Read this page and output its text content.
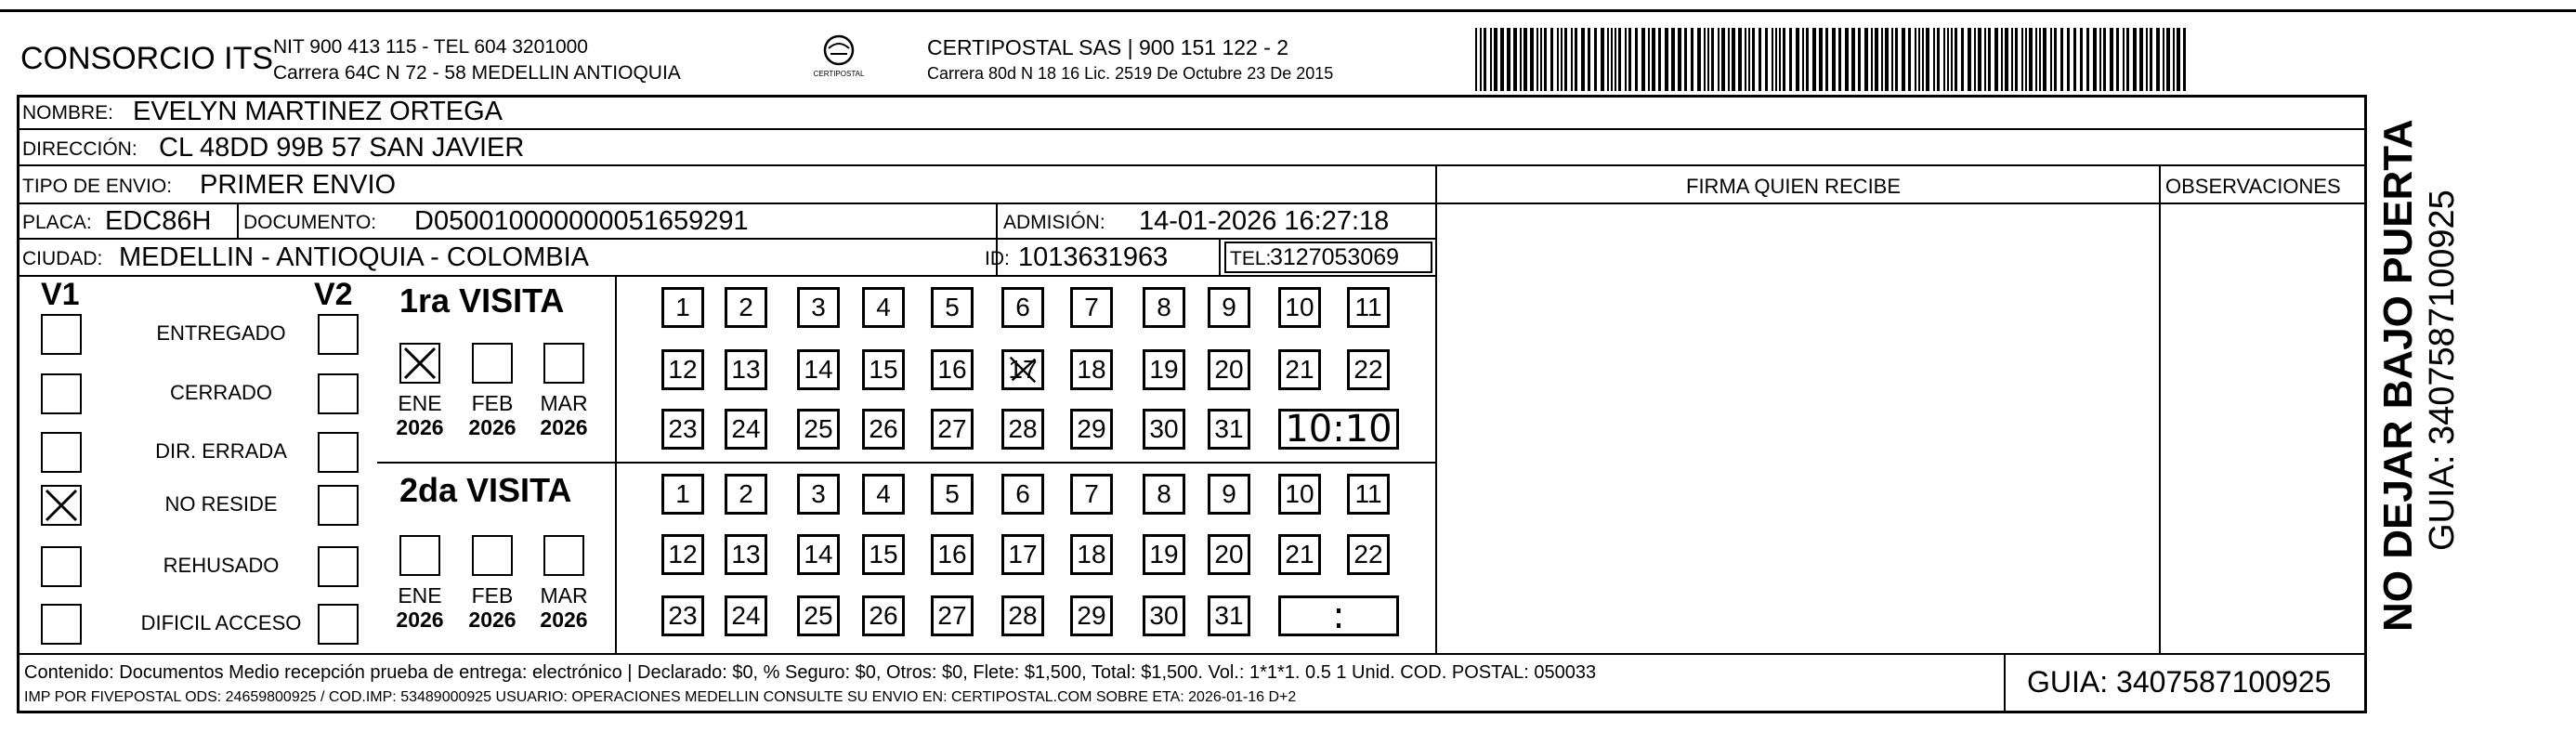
CONSORCIO ITS NIT 900 413 115 - TEL 604 3201000
Carrera 64C N 72 - 58 MEDELLIN ANTIOQUIA	CERTIPOSTAL
CERTIPOSTAL SAS | 900 151 122 - 2
Carrera 80d N 18 16 Lic. 2519 De Octubre 23 De 2015
NO DEJAR BAJO PUERTA GUIA: 3407587100925
NOMBRE: EVELYN MARTINEZ ORTEGA
DIRECCIÓN: CL 48DD 99B 57 SAN JAVIER
TIPO DE ENVIO: PRIMER ENVIO	FIRMA QUIEN RECIBE	OBSERVACIONES
PLACA: EDC86H DOCUMENTO: D050010000000051659291	ADMISIÓN: 14-01-2026 16:27:18
CIUDAD: MEDELLIN - ANTIOQUIA - COLOMBIA	ID: 1013631963	TEL:
3127053069
V1	V2 1ra VISITA
2da VISITA
Contenido: Documentos Medio recepción prueba de entrega: electrónico | Declarado: $0, % Seguro: $0, Otros: $0, Flete: $1,500, Total: $1,500. Vol.: 1*1*1. 0.5 1 Unid. COD. POSTAL: 050033
IMP POR FIVEPOSTAL ODS: 24659800925 / COD.IMP: 53489000925 USUARIO: OPERACIONES MEDELLIN CONSULTE SU ENVIO EN: CERTIPOSTAL.COM SOBRE ETA: 2026-01-16 D+2	GUIA: 3407587100925
ENTREGADO
CERRADO
DIR. ERRADA
NO RESIDE
REHUSADO
DIFICIL ACCESO
ENE
2026
FEB
2026
MAR
2026
ENE
2026
FEB
2026
MAR
2026
1	2	3	4	5	6	7	8	9	10	11
12 13 14 15 16 17 18 19 20 21 22
23 24 25 26 27 28 29 30 31 10:10
1	2	3	4	5	6	7	8	9	10	11
12 13 14 15 16 17 18 19 20 21 22
23 24 25 26 27 28 29 30 31	:
